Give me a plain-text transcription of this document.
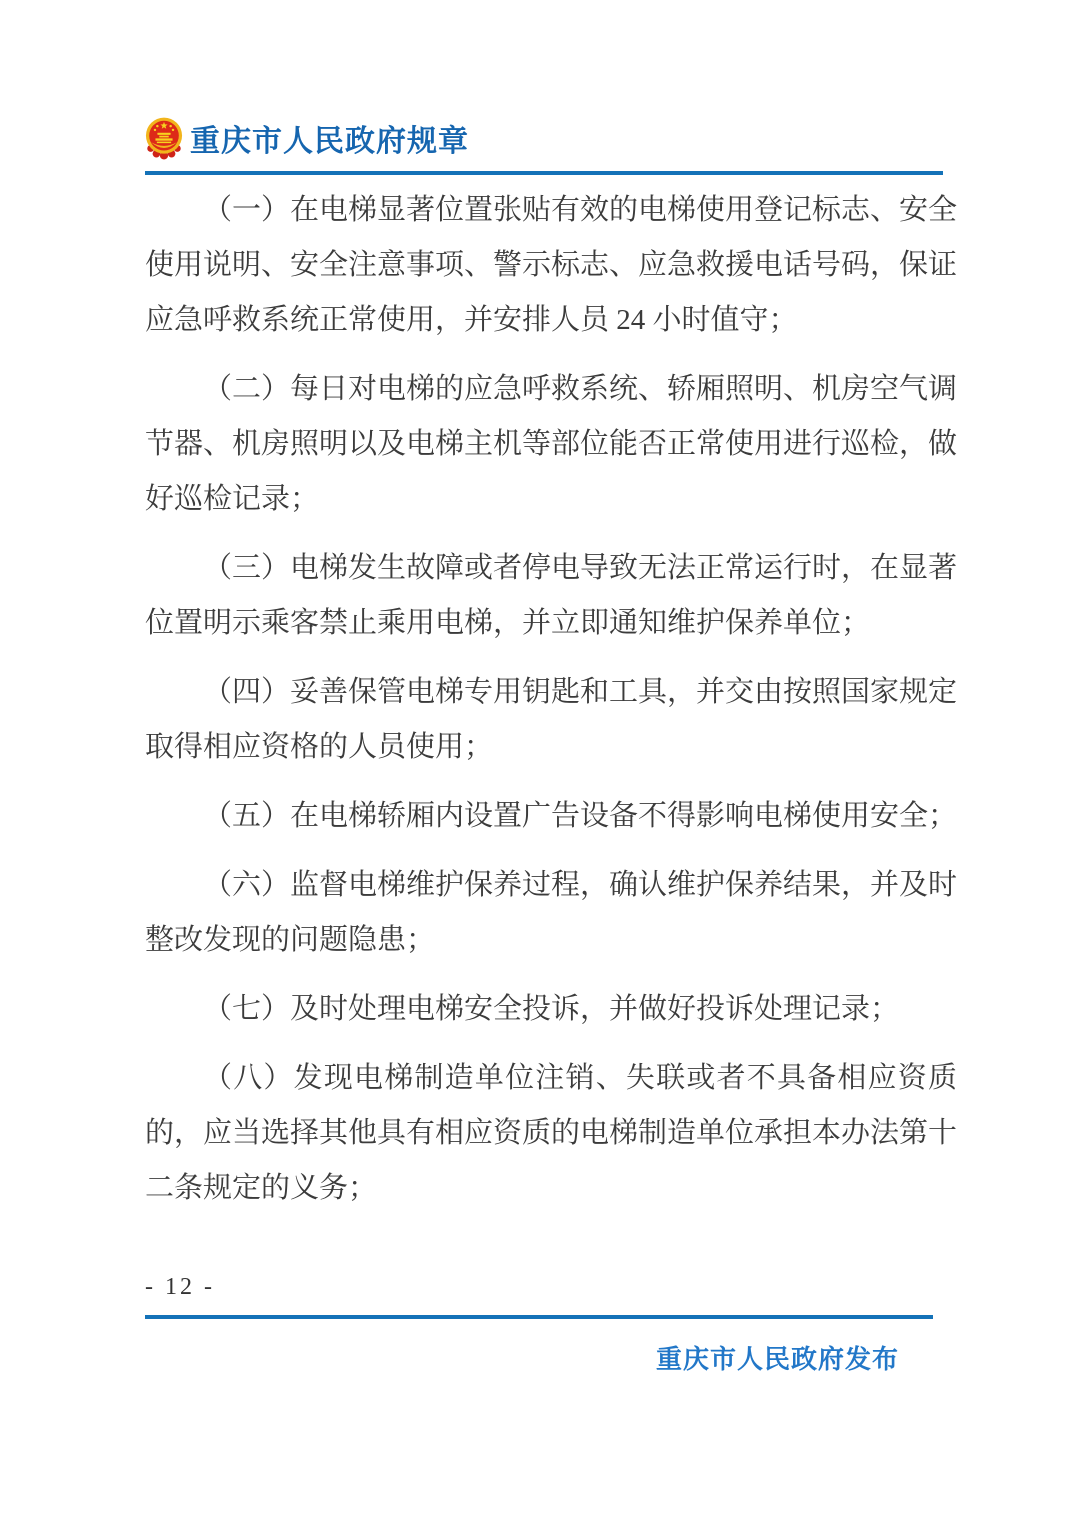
重庆市人民政府规章

（一）在电梯显著位置张贴有效的电梯使用登记标志、安全使用说明、安全注意事项、警示标志、应急救援电话号码，保证应急呼救系统正常使用，并安排人员 24 小时值守；

（二）每日对电梯的应急呼救系统、轿厢照明、机房空气调节器、机房照明以及电梯主机等部位能否正常使用进行巡检，做好巡检记录；

（三）电梯发生故障或者停电导致无法正常运行时，在显著位置明示乘客禁止乘用电梯，并立即通知维护保养单位；

（四）妥善保管电梯专用钥匙和工具，并交由按照国家规定取得相应资格的人员使用；

（五）在电梯轿厢内设置广告设备不得影响电梯使用安全；

（六）监督电梯维护保养过程，确认维护保养结果，并及时整改发现的问题隐患；

（七）及时处理电梯安全投诉，并做好投诉处理记录；

（八）发现电梯制造单位注销、失联或者不具备相应资质的，应当选择其他具有相应资质的电梯制造单位承担本办法第十二条规定的义务；

- 12 -
重庆市人民政府发布
